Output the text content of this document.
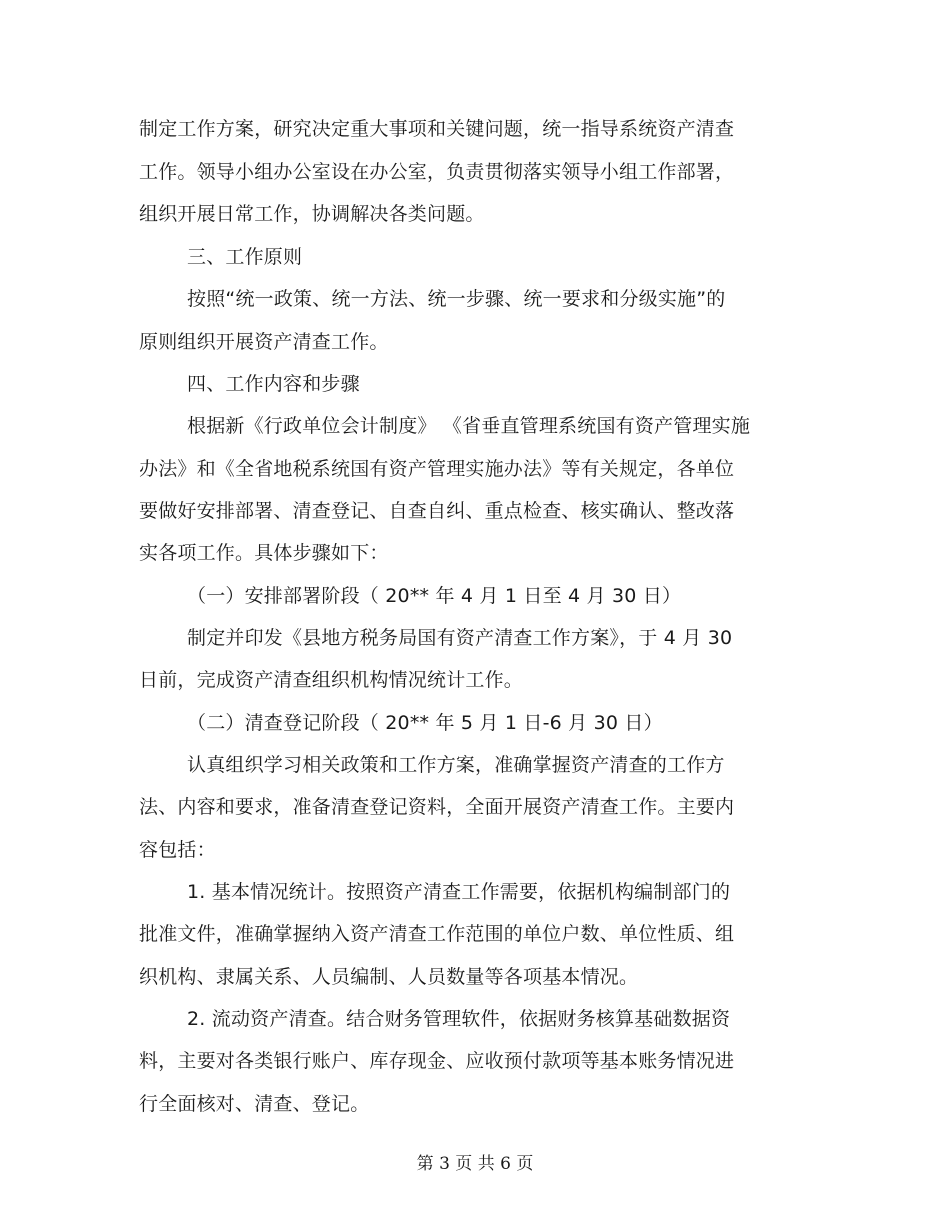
制定工作方案，研究决定重大事项和关键问题，统一指导系统资产清查
工作。领导小组办公室设在办公室，负责贯彻落实领导小组工作部署，
组织开展日常工作，协调解决各类问题。
三、工作原则
按照“统一政策、统一方法、统一步骤、统一要求和分级实施”的
原则组织开展资产清查工作。
四、工作内容和步骤
根据新《行政单位会计制度》 《省垂直管理系统国有资产管理实施
办法》和《全省地税系统国有资产管理实施办法》等有关规定，各单位
要做好安排部署、清查登记、自查自纠、重点检查、核实确认、整改落
实各项工作。具体步骤如下：
（一）安排部署阶段（ 20** 年 4 月 1 日至 4 月 30 日）
制定并印发《县地方税务局国有资产清查工作方案》，于 4 月 30
日前，完成资产清查组织机构情况统计工作。
（二）清查登记阶段（ 20** 年 5 月 1 日-6 月 30 日）
认真组织学习相关政策和工作方案，准确掌握资产清查的工作方
法、内容和要求，准备清查登记资料，全面开展资产清查工作。主要内
容包括：
1. 基本情况统计。按照资产清查工作需要，依据机构编制部门的
批准文件，准确掌握纳入资产清查工作范围的单位户数、单位性质、组
织机构、隶属关系、人员编制、人员数量等各项基本情况。
2. 流动资产清查。结合财务管理软件，依据财务核算基础数据资
料，主要对各类银行账户、库存现金、应收预付款项等基本账务情况进
行全面核对、清查、登记。
第 3 页 共 6 页
